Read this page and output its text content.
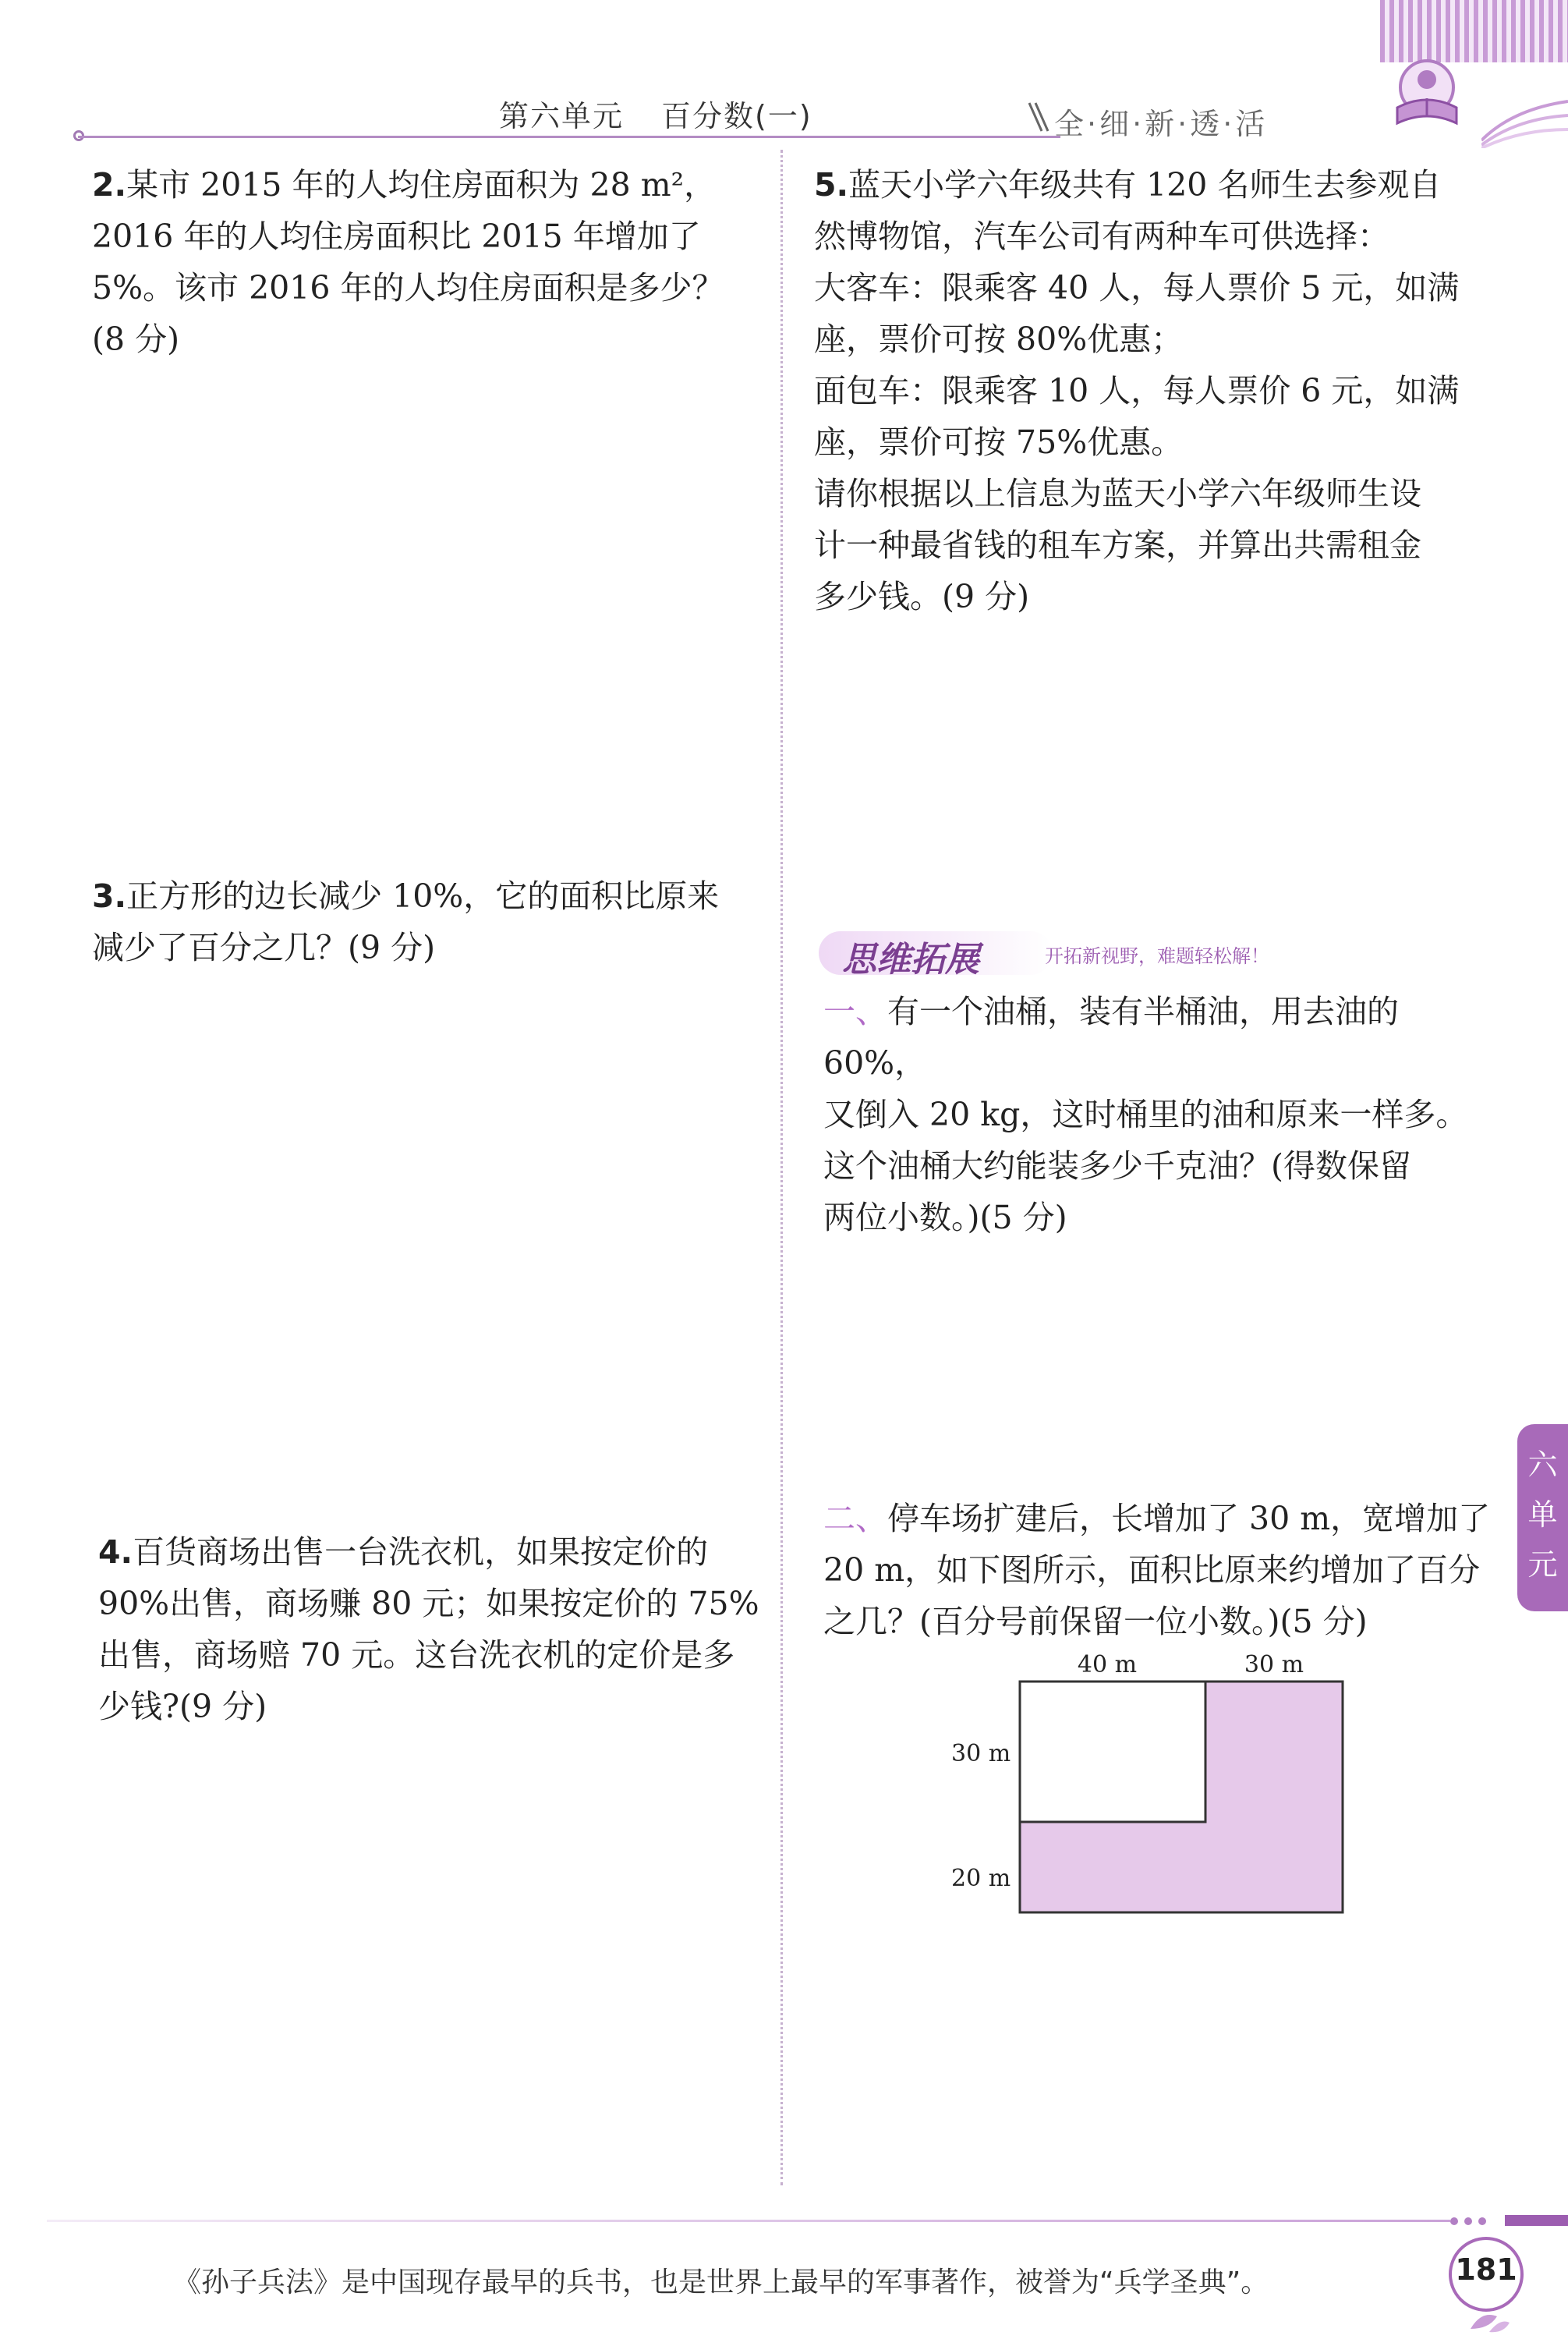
第六单元 百分数(一)	全·细·新·透·活

2.某市 2015 年的人均住房面积为 28 m²，

2016 年的人均住房面积比 2015 年增加了

5%。该市 2016 年的人均住房面积是多少？

(8 分)

3.正方形的边长减少 10%，它的面积比原来

减少了百分之几？(9 分)

4.百货商场出售一台洗衣机，如果按定价的

90%出售，商场赚 80 元；如果按定价的 75%

出售，商场赔 70 元。这台洗衣机的定价是多

少钱?(9 分)

5.蓝天小学六年级共有 120 名师生去参观自

然博物馆，汽车公司有两种车可供选择：

大客车：限乘客 40 人，每人票价 5 元，如满

座，票价可按 80%优惠；

面包车：限乘客 10 人，每人票价 6 元，如满

座，票价可按 75%优惠。

请你根据以上信息为蓝天小学六年级师生设

计一种最省钱的租车方案，并算出共需租金

多少钱。(9 分)

思维拓展	开拓新视野，难题轻松解！

一、有一个油桶，装有半桶油，用去油的 60%，

又倒入 20 kg，这时桶里的油和原来一样多。

这个油桶大约能装多少千克油？(得数保留

两位小数。)(5 分)

二、停车场扩建后，长增加了 30 m，宽增加了

20 m，如下图所示，面积比原来约增加了百分

之几？(百分号前保留一位小数。)(5 分)

40 m	30 m
30 m
20 m
六
单
元
《孙子兵法》是中国现存最早的兵书，也是世界上最早的军事著作，被誉为“兵学圣典”。	181
